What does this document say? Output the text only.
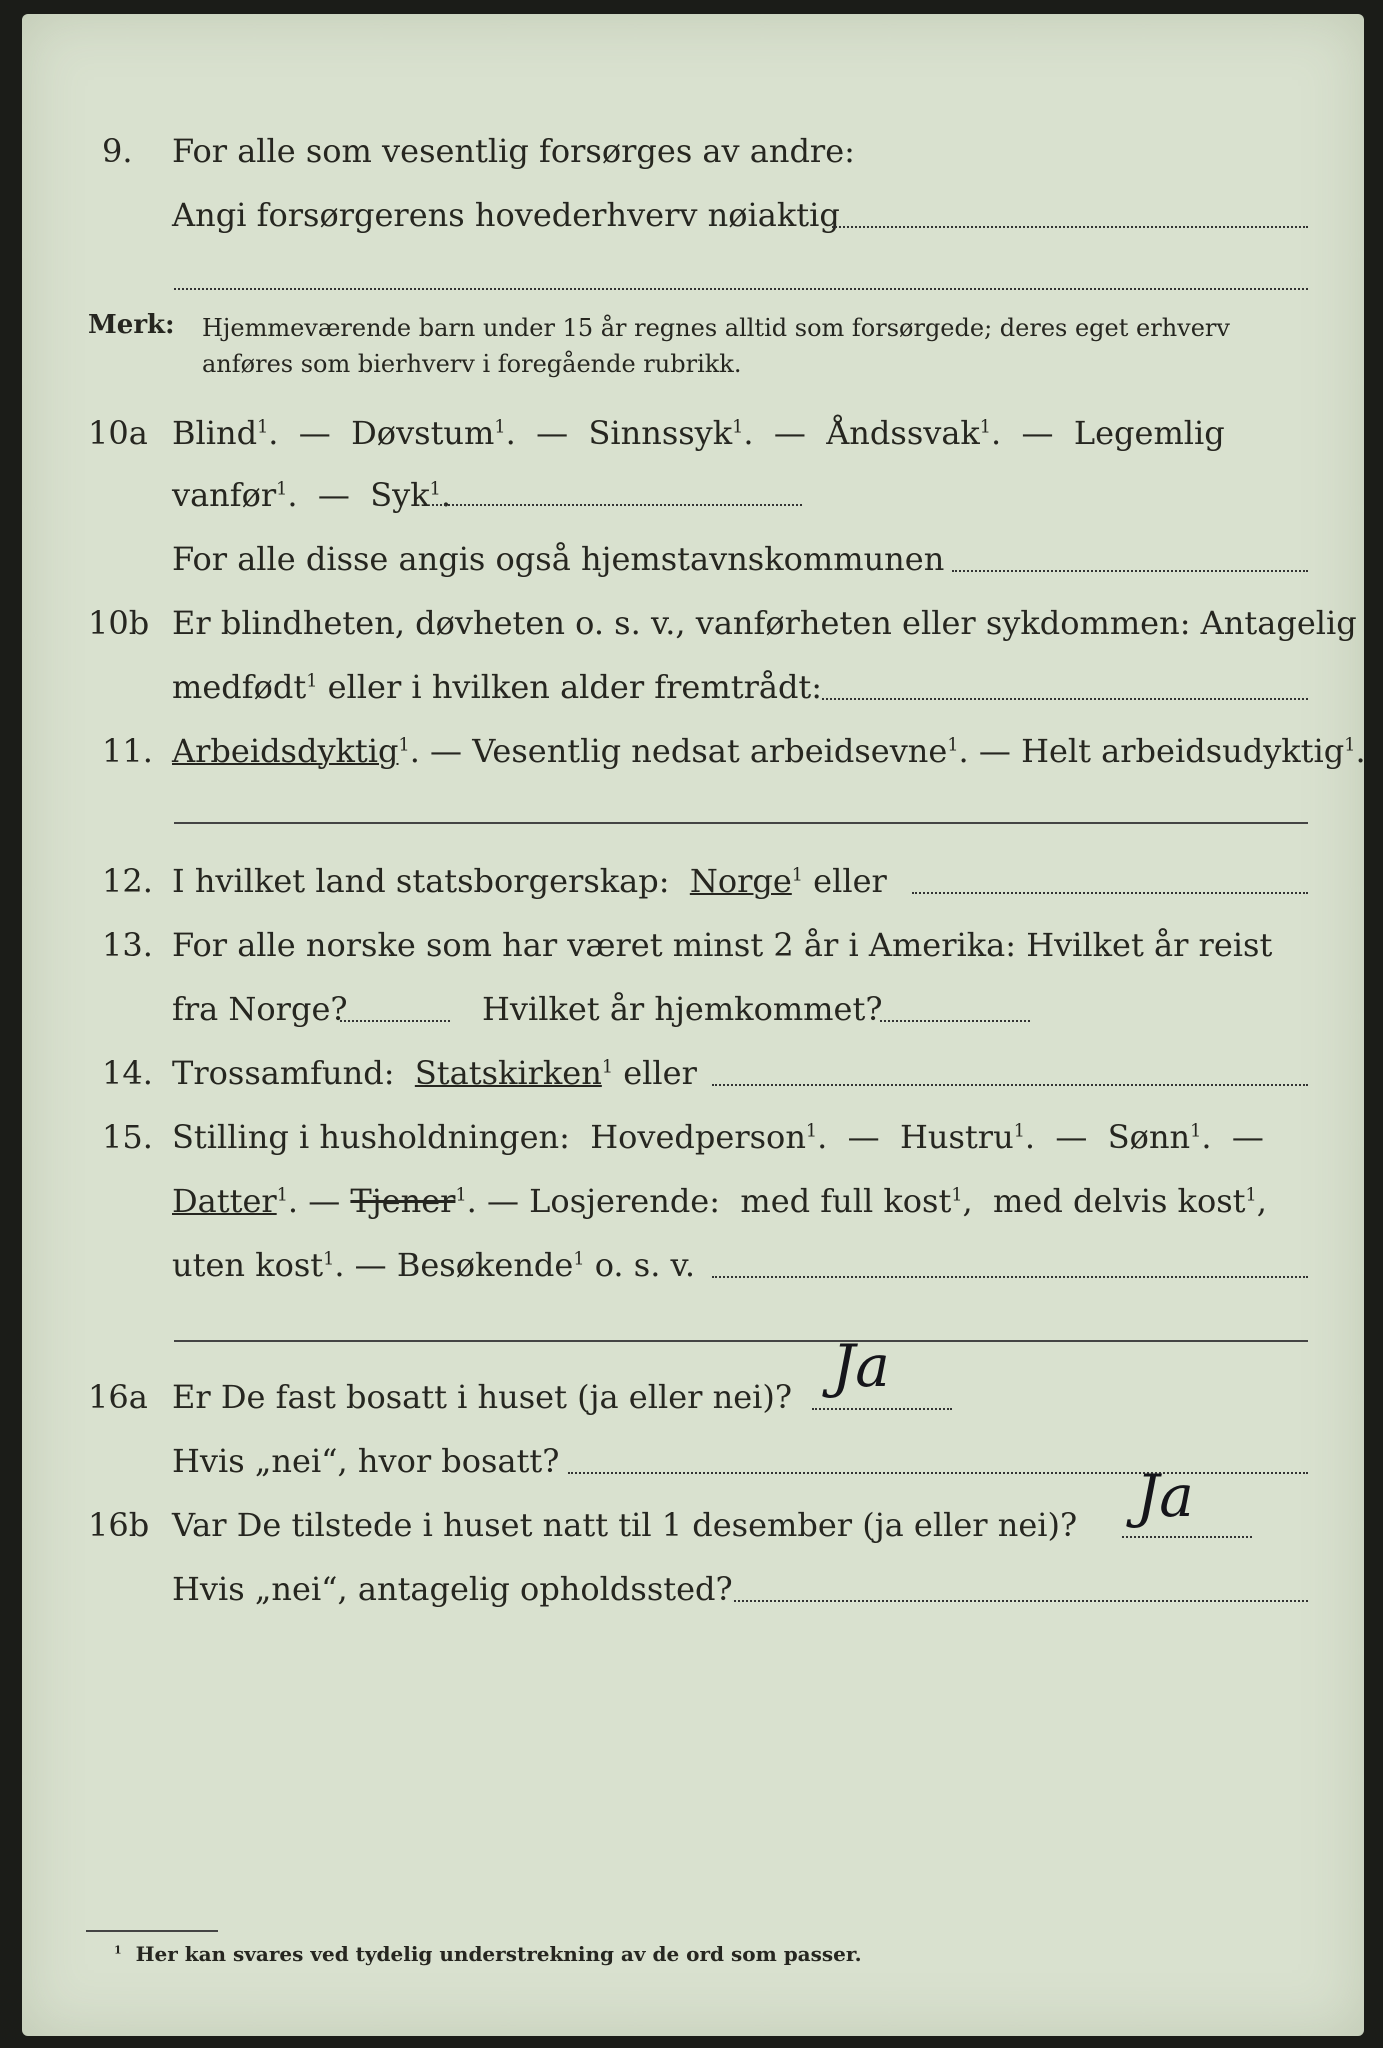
9. For alle som vesentlig forsørges av andre:
Angi forsørgerens hovederhverv nøiaktig
Merk: Hjemmeværende barn under 15 år regnes alltid som forsørgede; deres eget erhverv
anføres som bierhverv i foregående rubrikk.
10a Blind$^1$.  —  Døvstum$^1$.  —  Sinnssyk$^1$.  —  Åndssvak$^1$.  —  Legemlig
vanfør$^1$.  —  Syk$^1$.
For alle disse angis også hjemstavnskommunen
10b Er blindheten, døvheten o. s. v., vanførheten eller sykdommen: Antagelig
medfødt$^1$ eller i hvilken alder fremtrådt:
11. Arbeidsdyktig$^1$. — Vesentlig nedsat arbeidsevne$^1$. — Helt arbeidsudyktig$^1$.
12. I hvilket land statsborgerskap: Norge$^1$ eller
13. For alle norske som har været minst 2 år i Amerika: Hvilket år reist
fra Norge?	Hvilket år hjemkommet?
14. Trossamfund: Statskirken$^1$ eller
15. Stilling i husholdningen: Hovedperson$^1$.  —  Hustru$^1$.  —  Sønn$^1$.  —
Datter$^1$. — Tjener$^1$. — Losjerende: med full kost$^1$,  med delvis kost$^1$,
uten kost$^1$. — Besøkende$^1$ o. s. v.
16a Er De fast bosatt i huset (ja eller nei)? Ja
Hvis „nei“, hvor bosatt?
16b Var De tilstede i huset natt til 1 desember (ja eller nei)? Ja
Hvis „nei“, antagelig opholdssted?
$^1$ Her kan svares ved tydelig understrekning av de ord som passer.
